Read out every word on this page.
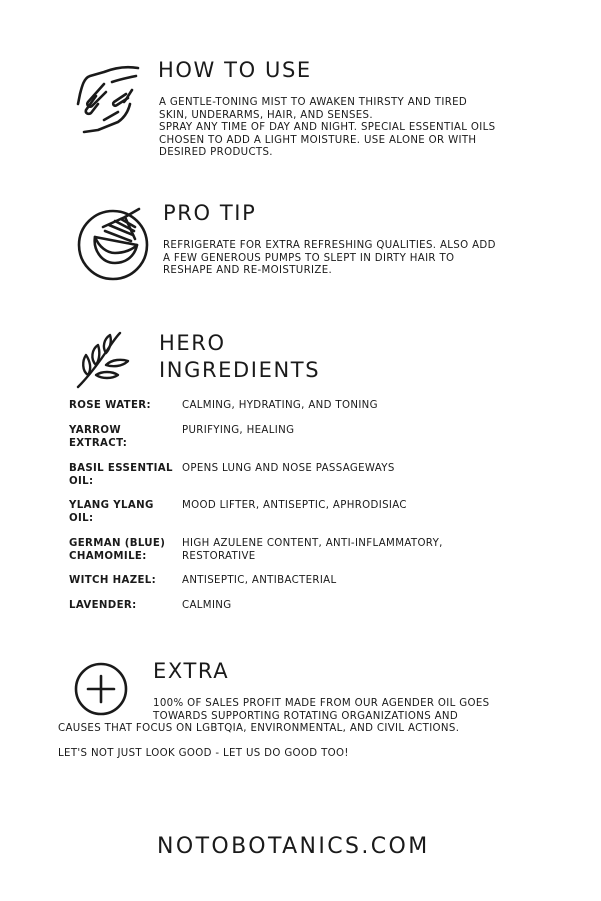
HOW TO USE

A GENTLE-TONING MIST TO AWAKEN THIRSTY AND TIRED

SKIN, UNDERARMS, HAIR, AND SENSES.

SPRAY ANY TIME OF DAY AND NIGHT. SPECIAL ESSENTIAL OILS

CHOSEN TO ADD A LIGHT MOISTURE. USE ALONE OR WITH

DESIRED PRODUCTS.

PRO TIP

REFRIGERATE FOR EXTRA REFRESHING QUALITIES. ALSO ADD

A FEW GENEROUS PUMPS TO SLEPT IN DIRTY HAIR TO

RESHAPE AND RE-MOISTURIZE.

HERO
INGREDIENTS
ROSE WATER:	CALMING, HYDRATING, AND TONING
YARROW EXTRACT:
PURIFYING, HEALING
BASIL ESSENTIAL OIL:
OPENS LUNG AND NOSE PASSAGEWAYS
YLANG YLANG OIL:
MOOD LIFTER, ANTISEPTIC, APHRODISIAC
GERMAN (BLUE) CHAMOMILE:
HIGH AZULENE CONTENT, ANTI-INFLAMMATORY, RESTORATIVE
WITCH HAZEL:	ANTISEPTIC, ANTIBACTERIAL
LAVENDER:	CALMING
EXTRA

100% OF SALES PROFIT MADE FROM OUR AGENDER OIL GOES

TOWARDS SUPPORTING ROTATING ORGANIZATIONS AND

CAUSES THAT FOCUS ON LGBTQIA, ENVIRONMENTAL, AND CIVIL ACTIONS.

LET'S NOT JUST LOOK GOOD - LET US DO GOOD TOO!

NOTOBOTANICS.COM
